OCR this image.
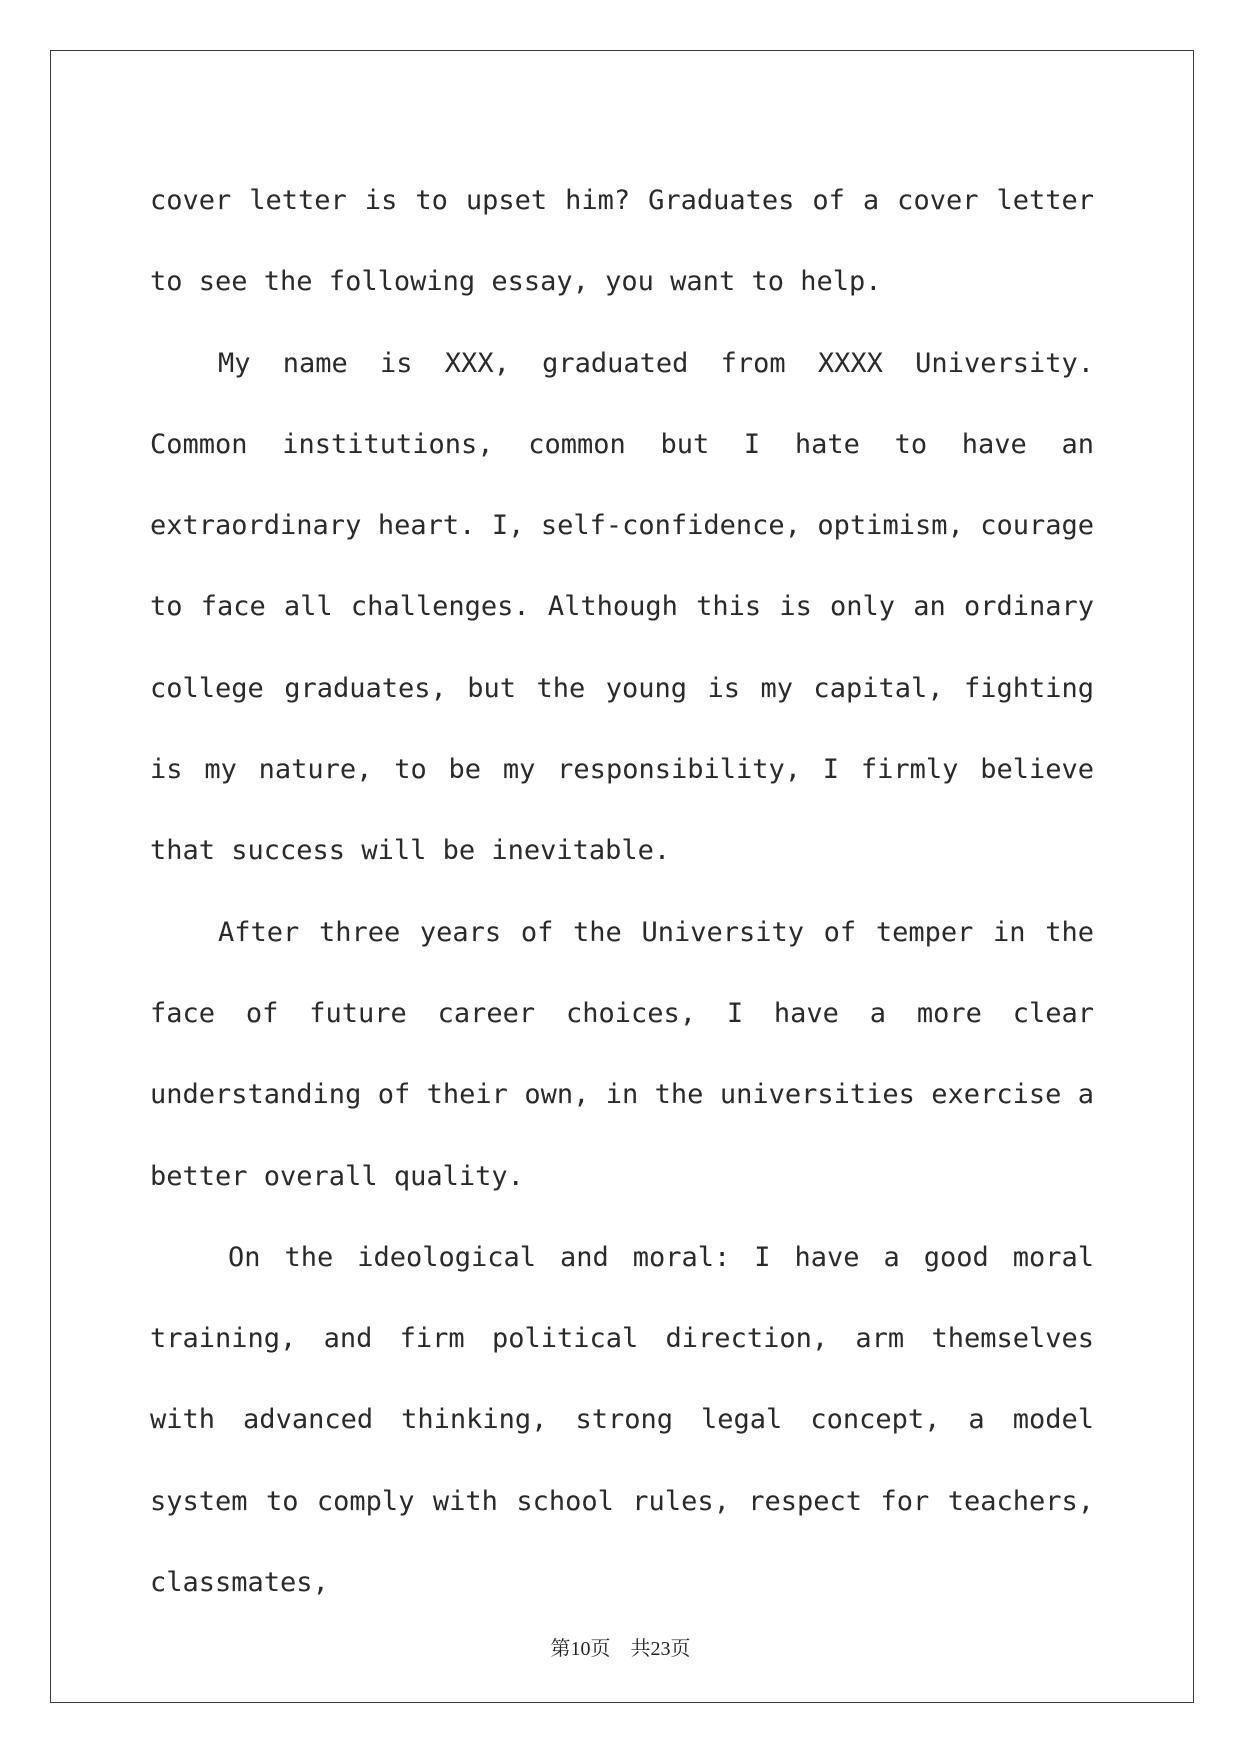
cover letter is to upset him? Graduates of a cover letter to see the following essay, you want to help.

My name is XXX, graduated from XXXX University. Common institutions, common but I hate to have an extraordinary heart. I, self-confidence, optimism, courage to face all challenges. Although this is only an ordinary college graduates, but the young is my capital, fighting is my nature, to be my responsibility, I firmly believe that success will be inevitable.

After three years of the University of temper in the face of future career choices, I have a more clear understanding of their own, in the universities exercise a better overall quality.

On the ideological and moral: I have a good moral training, and firm political direction, arm themselves with advanced thinking, strong legal concept, a model system to comply with school rules, respect for teachers, classmates,

第10页　共23页
